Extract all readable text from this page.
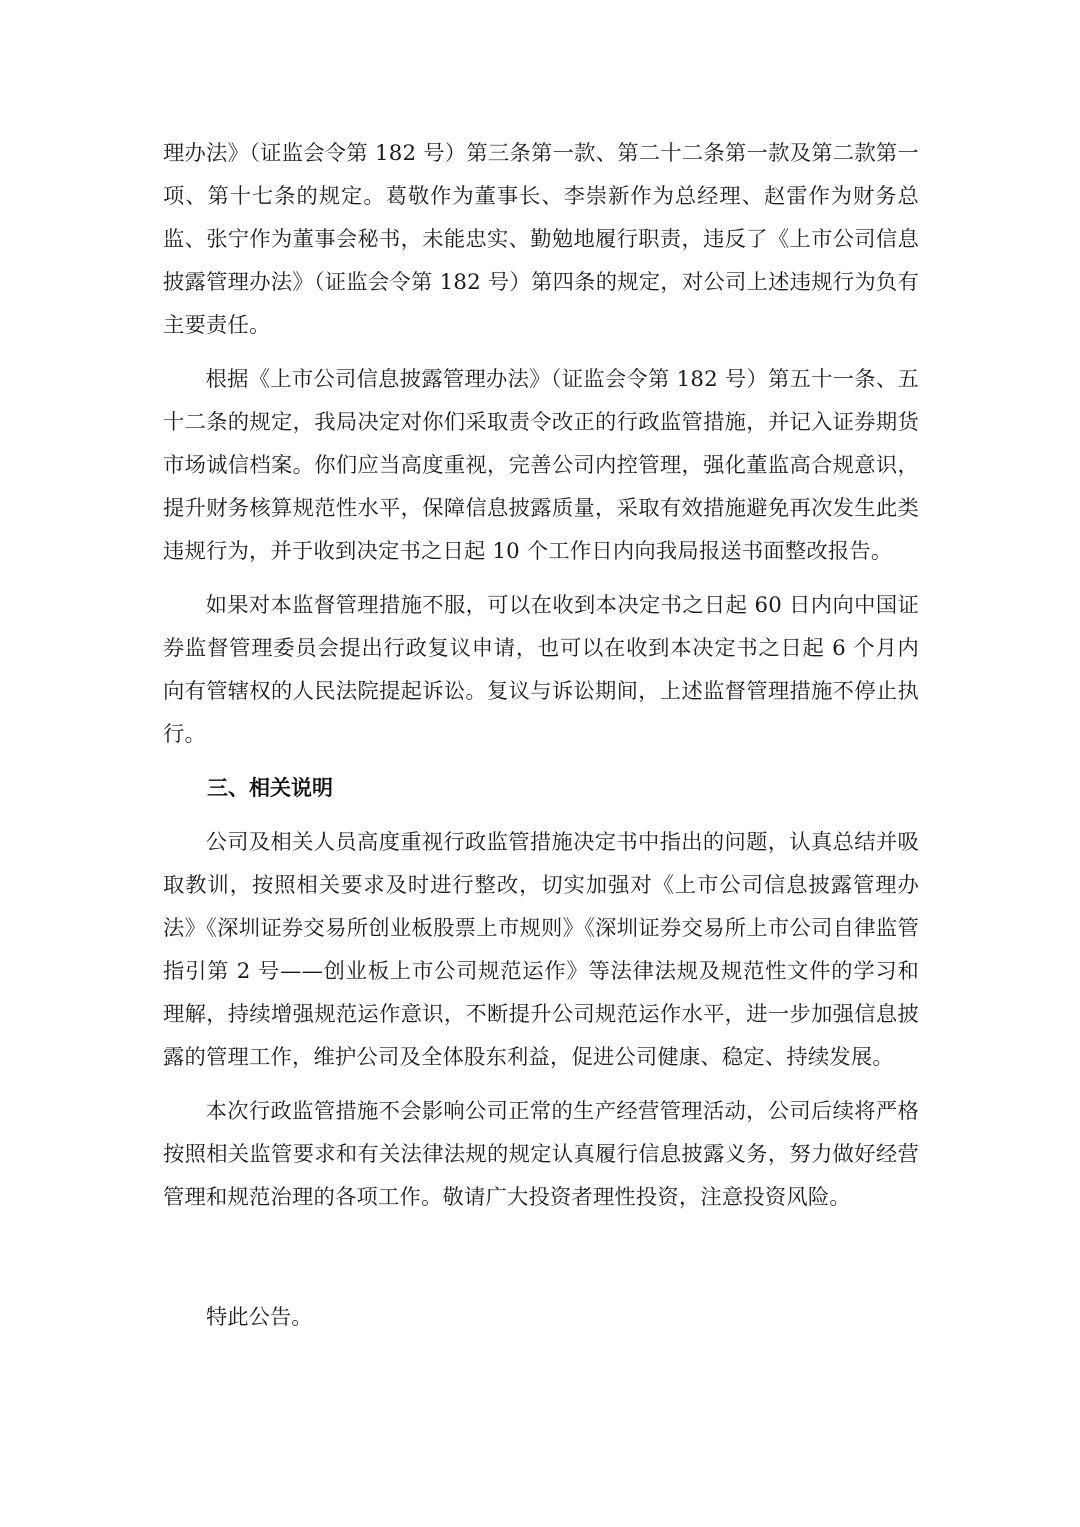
理办法》（证监会令第 182 号）第三条第一款、第二十二条第一款及第二款第一项、第十七条的规定。葛敬作为董事长、李崇新作为总经理、赵雷作为财务总监、张宁作为董事会秘书，未能忠实、勤勉地履行职责，违反了《上市公司信息披露管理办法》（证监会令第 182 号）第四条的规定，对公司上述违规行为负有主要责任。

根据《上市公司信息披露管理办法》（证监会令第 182 号）第五十一条、五十二条的规定，我局决定对你们采取责令改正的行政监管措施，并记入证券期货市场诚信档案。你们应当高度重视，完善公司内控管理，强化董监高合规意识，提升财务核算规范性水平，保障信息披露质量，采取有效措施避免再次发生此类违规行为，并于收到决定书之日起 10 个工作日内向我局报送书面整改报告。

如果对本监督管理措施不服，可以在收到本决定书之日起 60 日内向中国证券监督管理委员会提出行政复议申请，也可以在收到本决定书之日起 6 个月内向有管辖权的人民法院提起诉讼。复议与诉讼期间，上述监督管理措施不停止执行。

三、相关说明

公司及相关人员高度重视行政监管措施决定书中指出的问题，认真总结并吸取教训，按照相关要求及时进行整改，切实加强对《上市公司信息披露管理办法》《深圳证券交易所创业板股票上市规则》《深圳证券交易所上市公司自律监管指引第 2 号——创业板上市公司规范运作》等法律法规及规范性文件的学习和理解，持续增强规范运作意识，不断提升公司规范运作水平，进一步加强信息披露的管理工作，维护公司及全体股东利益，促进公司健康、稳定、持续发展。

本次行政监管措施不会影响公司正常的生产经营管理活动，公司后续将严格按照相关监管要求和有关法律法规的规定认真履行信息披露义务，努力做好经营管理和规范治理的各项工作。敬请广大投资者理性投资，注意投资风险。

特此公告。
